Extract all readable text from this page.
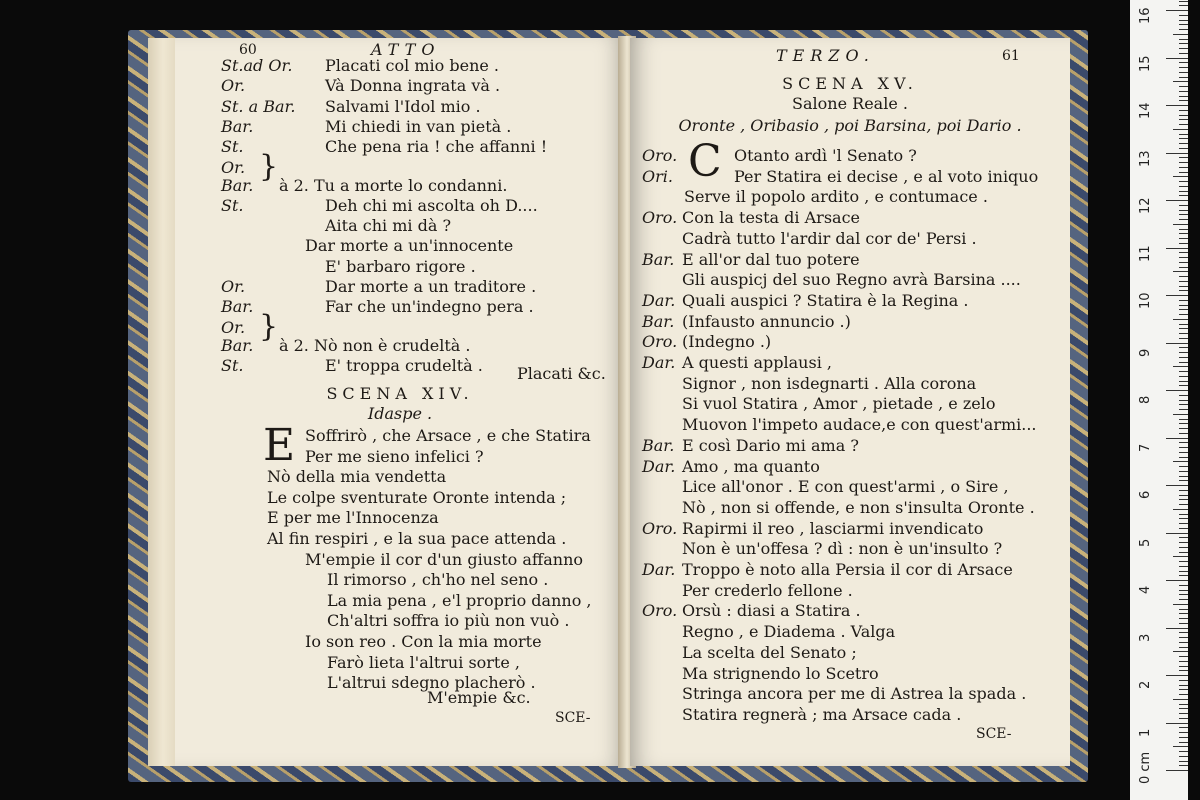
60	ATTO
St.ad Or. Placati col mio bene .
Or.	Và Donna ingrata và .
St. a Bar. Salvami l'Idol mio .
Bar.	Mi chiedi in van pietà .
St.	Che pena ria ! che affanni !
Or.
Bar. à 2. Tu a morte lo condanni.
}
St.	Deh chi mi ascolta oh D....
Aita chi mi dà ?
Dar morte a un'innocente
E' barbaro rigore .
Or.	Dar morte a un traditore .
Bar.	Far che un'indegno pera .
Or.
Bar. à 2. Nò non è crudeltà .
}
St.	E' troppa crudeltà . Placati &c.
SCENA XIV.
Idaspe .
E Soffrirò , che Arsace , e che Statira
Per me sieno infelici ?
Nò della mia vendetta
Le colpe sventurate Oronte intenda ;
E per me l'Innocenza
Al fin respiri , e la sua pace attenda .
M'empie il cor d'un giusto affanno
Il rimorso , ch'ho nel seno .
La mia pena , e'l proprio danno ,
Ch'altri soffra io più non vuò .
Io son reo . Con la mia morte
Farò lieta l'altrui sorte ,
L'altrui sdegno placherò .
M'empie &c.
SCE-
TERZO.	61
SCENA XV.
Salone Reale .
Oronte , Oribasio , poi Barsina, poi Dario .
C
Oro.	Otanto ardì 'l Senato ?
Ori.	Per Statira ei decise , e al voto iniquo
Serve il popolo ardito , e contumace .
Oro. Con la testa di Arsace
Cadrà tutto l'ardir dal cor de' Persi .
Bar. E all'or dal tuo potere
Gli auspicj del suo Regno avrà Barsina ....
Dar. Quali auspici ? Statira è la Regina .
Bar. (Infausto annuncio .)
Oro. (Indegno .)
Dar. A questi applausi ,
Signor , non isdegnarti . Alla corona
Si vuol Statira , Amor , pietade , e zelo
Muovon l'impeto audace,e con quest'armi...
Bar. E così Dario mi ama ?
Dar. Amo , ma quanto
Lice all'onor . E con quest'armi , o Sire ,
Nò , non si offende, e non s'insulta Oronte .
Oro. Rapirmi il reo , lasciarmi invendicato
Non è un'offesa ? dì : non è un'insulto ?
Dar. Troppo è noto alla Persia il cor di Arsace
Per crederlo fellone .
Oro. Orsù : diasi a Statira .
Regno , e Diadema . Valga
La scelta del Senato ;
Ma strignendo lo Scetro
Stringa ancora per me di Astrea la spada .
Statira regnerà ; ma Arsace cada .
SCE-
0 cm
1
2
3
4
5
6
7
8
9
10
11
12
13
14
15
16
